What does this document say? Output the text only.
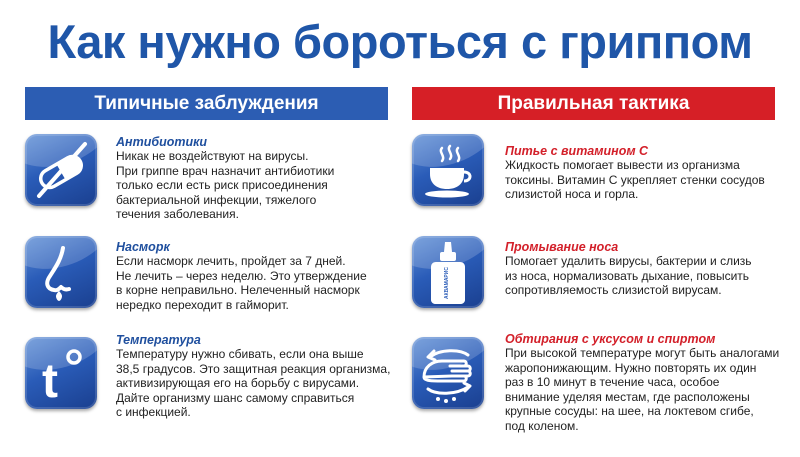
Как нужно бороться с гриппом
Типичные заблуждения	Правильная тактика
Антибиотики
Никак не воздействуют на вирусы.
При гриппе врач назначит антибиотики
только если есть риск присоединения
бактериальной инфекции, тяжелого
течения заболевания.
Насморк
Если насморк лечить, пройдет за 7 дней.
Не лечить – через неделю. Это утверждение
в корне неправильно. Нелеченный насморк
нередко переходит в гайморит.
t
Температура
Температуру нужно сбивать, если она выше
38,5 градусов. Это защитная реакция организма,
активизирующая его на борьбу с вирусами.
Дайте организму шанс самому справиться
с инфекцией.
Питье с витамином С
Жидкость помогает вывести из организма
токсины. Витамин С укрепляет стенки сосудов
слизистой носа и горла.
АКВАМАРИС
Промывание носа
Помогает удалить вирусы, бактерии и слизь
из носа, нормализовать дыхание, повысить
сопротивляемость слизистой вирусам.
Обтирания с уксусом и спиртом
При высокой температуре могут быть аналогами
жаропонижающим. Нужно повторять их один
раз в 10 минут в течение часа, особое
внимание уделяя местам, где расположены
крупные сосуды: на шее, на локтевом сгибе,
под коленом.
